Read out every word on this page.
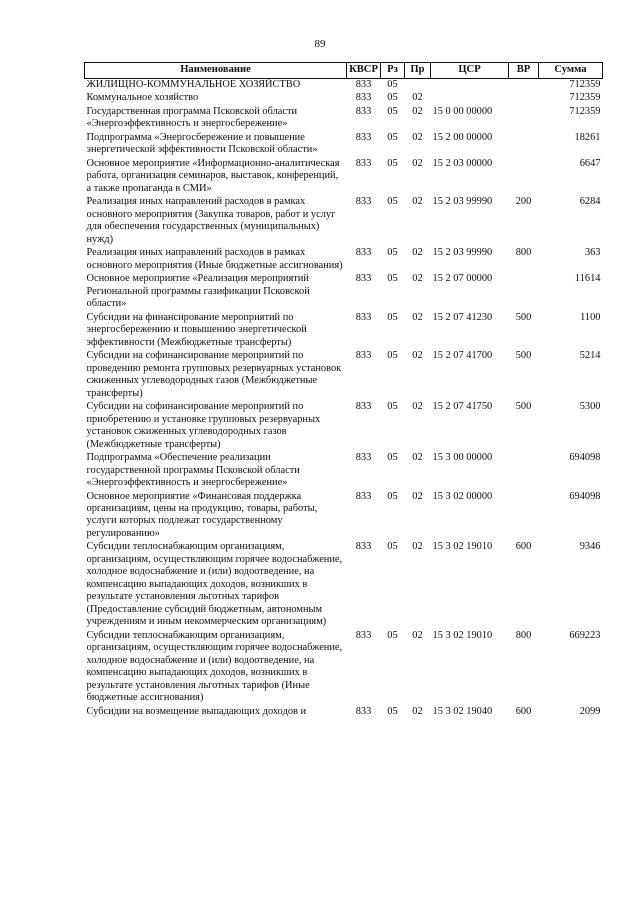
89
Наименование	КВСР	Рз	Пр	ЦСР	ВР	Сумма
ЖИЛИЩНО-КОММУНАЛЬНОЕ ХОЗЯЙСТВО	833	05				712359
Коммунальное хозяйство	833	05	02			712359
Государственная программа Псковской области «Энергоэффективность и энергосбережение»	833	05	02	15 0 00 00000		712359
Подпрограмма «Энергосбережение и повышение энергетической эффективности Псковской области»	833	05	02	15 2 00 00000		18261
Основное мероприятие «Информационно-аналитическая работа, организация семинаров, выставок, конференций, а также пропаганда в СМИ»	833	05	02	15 2 03 00000		6647
Реализация иных направлений расходов в рамках основного мероприятия (Закупка товаров, работ и услуг для обеспечения государственных (муниципальных) нужд)	833	05	02	15 2 03 99990	200	6284
Реализация иных направлений расходов в рамках основного мероприятия (Иные бюджетные ассигнования)	833	05	02	15 2 03 99990	800	363
Основное мероприятие «Реализация мероприятий Региональной программы газификации Псковской области»	833	05	02	15 2 07 00000		11614
Субсидии на финансирование мероприятий по энергосбережению и повышению энергетической эффективности (Межбюджетные трансферты)	833	05	02	15 2 07 41230	500	1100
Субсидии на софинансирование мероприятий по проведению ремонта групповых резервуарных установок сжиженных углеводородных газов (Межбюджетные трансферты)	833	05	02	15 2 07 41700	500	5214
Субсидии на софинансирование мероприятий по приобретению и установке групповых резервуарных установок сжиженных углеводородных газов (Межбюджетные трансферты)	833	05	02	15 2 07 41750	500	5300
Подпрограмма «Обеспечение реализации государственной программы Псковской области «Энергоэффективность и энергосбережение»	833	05	02	15 3 00 00000		694098
Основное мероприятие «Финансовая поддержка организациям, цены на продукцию, товары, работы, услуги которых подлежат государственному регулированию»	833	05	02	15 3 02 00000		694098
Субсидии теплоснабжающим организациям, организациям, осуществляющим горячее водоснабжение, холодное водоснабжение и (или) водоотведение, на компенсацию выпадающих доходов, возникших в результате установления льготных тарифов (Предоставление субсидий бюджетным, автономным учреждениям и иным некоммерческим организациям)	833	05	02	15 3 02 19010	600	9346
Субсидии теплоснабжающим организациям, организациям, осуществляющим горячее водоснабжение, холодное водоснабжение и (или) водоотведение, на компенсацию выпадающих доходов, возникших в результате установления льготных тарифов (Иные бюджетные ассигнования)	833	05	02	15 3 02 19010	800	669223
Субсидии на возмещение выпадающих доходов и	833	05	02	15 3 02 19040	600	2099
